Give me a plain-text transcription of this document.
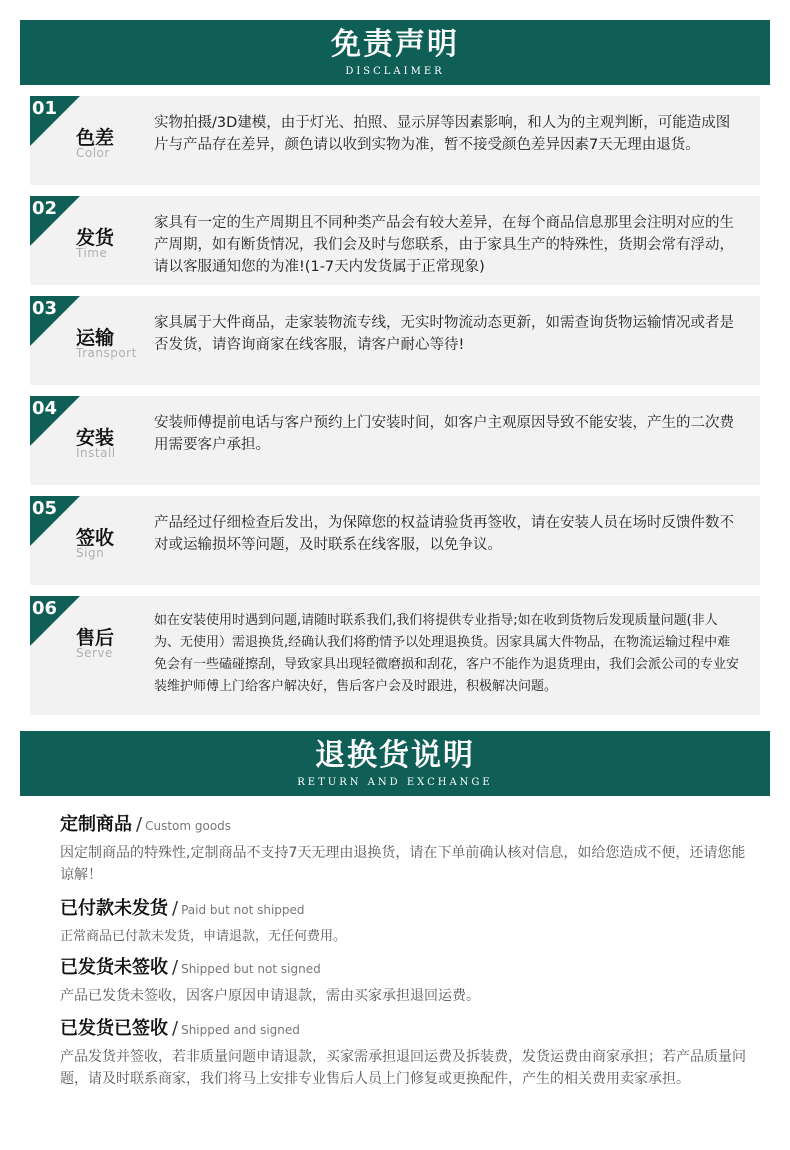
免责声明
DISCLAIMER
01
色差
Color
实物拍摄/3D建模，由于灯光、拍照、显示屏等因素影响，和人为的主观判断，可能造成图片与产品存在差异，颜色请以收到实物为准，暂不接受颜色差异因素7天无理由退货。
02
发货
Time
家具有一定的生产周期且不同种类产品会有较大差异，在每个商品信息那里会注明对应的生产周期，如有断货情况，我们会及时与您联系，由于家具生产的特殊性，货期会常有浮动，请以客服通知您的为准!(1-7天内发货属于正常现象)
03
运输
Transport
家具属于大件商品，走家装物流专线，无实时物流动态更新，如需查询货物运输情况或者是否发货，请咨询商家在线客服，请客户耐心等待!
04
安装
Install
安装师傅提前电话与客户预约上门安装时间，如客户主观原因导致不能安装，产生的二次费用需要客户承担。
05
签收
Sign
产品经过仔细检查后发出，为保障您的权益请验货再签收，请在安装人员在场时反馈件数不对或运输损坏等问题，及时联系在线客服，以免争议。
06
售后
Serve
如在安装使用时遇到问题,请随时联系我们,我们将提供专业指导;如在收到货物后发现质量问题(非人为、无使用）需退换货,经确认我们将酌情予以处理退换货。因家具属大件物品，在物流运输过程中难免会有一些磕碰擦刮，导致家具出现轻微磨损和刮花，客户不能作为退货理由，我们会派公司的专业安装维护师傅上门给客户解决好，售后客户会及时跟进，积极解决问题。
退换货说明
RETURN AND EXCHANGE
定制商品 / Custom goods
因定制商品的特殊性,定制商品不支持7天无理由退换货，请在下单前确认核对信息，如给您造成不便，还请您能谅解！
已付款未发货 / Paid but not shipped
正常商品已付款未发货，申请退款，无任何费用。
已发货未签收 / Shipped but not signed
产品已发货未签收，因客户原因申请退款，需由买家承担退回运费。
已发货已签收 / Shipped and signed
产品发货并签收，若非质量问题申请退款，买家需承担退回运费及拆装费，发货运费由商家承担；若产品质量问题，请及时联系商家，我们将马上安排专业售后人员上门修复或更换配件，产生的相关费用卖家承担。
